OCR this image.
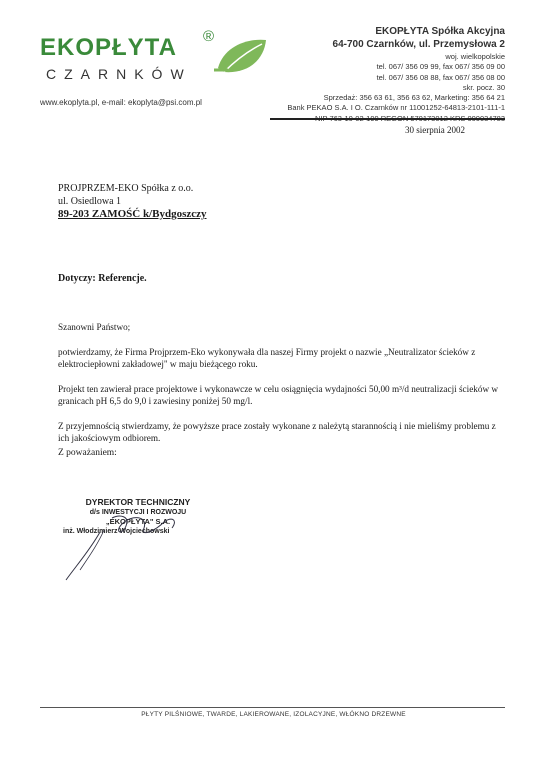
EKOPŁYTA ®
CZARNKÓW
www.ekoplyta.pl, e-mail: ekoplyta@psi.com.pl
EKOPŁYTA Spółka Akcyjna
64-700 Czarnków, ul. Przemysłowa 2
woj. wielkopolskie
tel. 067/ 356 09 99, fax 067/ 356 09 00
tel. 067/ 356 08 88, fax 067/ 356 08 00
skr. pocz. 30
Sprzedaż: 356 63 61, 356 63 62, Marketing: 356 64 21
Bank PEKAO S.A. I O. Czarnków nr 11001252-64813-2101-111-1
30 sierpnia 2002
PROJPRZEM-EKO Spółka z o.o.
ul. Osiedlowa 1
89-203 ZAMOŚĆ k/Bydgoszczy
Dotyczy: Referencje.

Szanowni Państwo;

potwierdzamy, że Firma Projprzem-Eko wykonywała dla naszej Firmy projekt o nazwie „Neutralizator ścieków z elektrociepłowni zakładowej" w maju bieżącego roku.

Projekt ten zawierał prace projektowe i wykonawcze w celu osiągnięcia wydajności 50,00 m³/d neutralizacji ścieków w granicach pH 6,5 do 9,0 i zawiesiny poniżej 50 mg/l.

Z przyjemnością stwierdzamy, że powyższe prace zostały wykonane z należytą starannością i nie mieliśmy problemu z ich jakościowym odbiorem.

Z poważaniem:
DYREKTOR TECHNICZNY
d/s INWESTYCJI I ROZWOJU
„EKOPŁYTA" S.A.
inż. Włodzimierz Wojciechowski
PŁYTY PILŚNIOWE, TWARDE, LAKIEROWANE, IZOLACYJNE, WŁÓKNO DRZEWNE
